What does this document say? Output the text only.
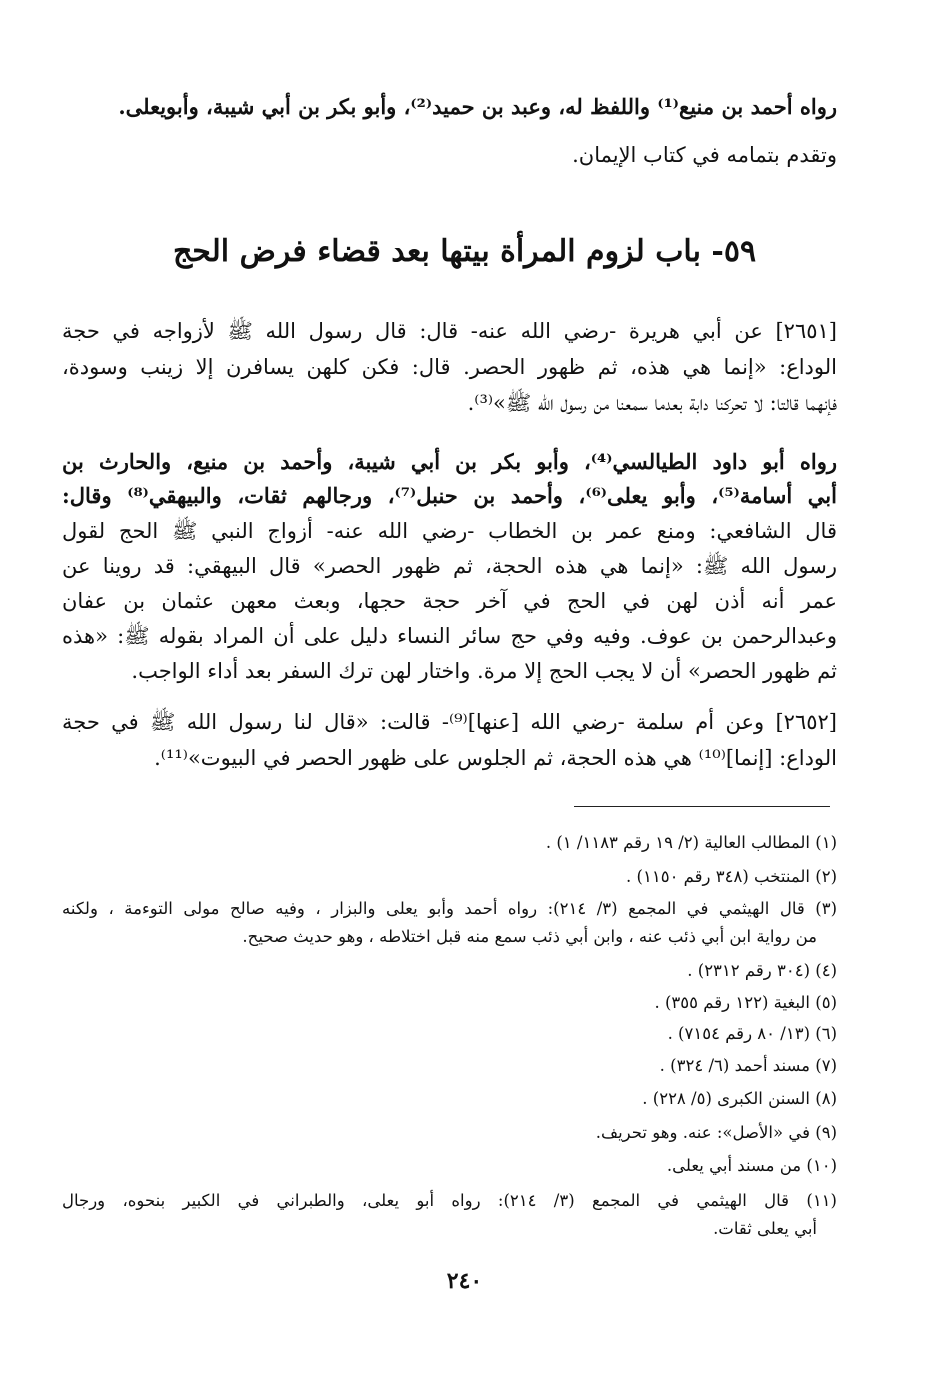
رواه أحمد بن منيع⁽¹⁾ واللفظ له، وعبد بن حميد⁽²⁾، وأبو بكر بن أبي شيبة، وأبويعلى.
وتقدم بتمامه في كتاب الإيمان.
٥٩- باب لزوم المرأة بيتها بعد قضاء فرض الحج
[٢٦٥١] عن أبي هريرة -رضي الله عنه- قال: قال رسول الله ﷺ لأزواجه في حجة
الوداع: «إنما هي هذه، ثم ظهور الحصر. قال: فكن كلهن يسافرن إلا زينب وسودة،
فإنهما قالتا: لا تحركنا دابة بعدما سمعنا من رسول الله ﷺ»⁽³⁾.
رواه أبو داود الطيالسي⁽⁴⁾، وأبو بكر بن أبي شيبة، وأحمد بن منيع، والحارث بن
أبي أسامة⁽⁵⁾، وأبو يعلى⁽⁶⁾، وأحمد بن حنبل⁽⁷⁾، ورجالهم ثقات، والبيهقي⁽⁸⁾ وقال:
قال الشافعي: ومنع عمر بن الخطاب -رضي الله عنه- أزواج النبي ﷺ الحج لقول
رسول الله ﷺ: «إنما هي هذه الحجة، ثم ظهور الحصر» قال البيهقي: قد روينا عن
عمر أنه أذن لهن في الحج في آخر حجة حجها، وبعث معهن عثمان بن عفان
وعبدالرحمن بن عوف. وفيه وفي حج سائر النساء دليل على أن المراد بقوله ﷺ: «هذه
ثم ظهور الحصر» أن لا يجب الحج إلا مرة. واختار لهن ترك السفر بعد أداء الواجب.
[٢٦٥٢] وعن أم سلمة -رضي الله [عنها]⁽⁹⁾- قالت: «قال لنا رسول الله ﷺ في حجة
الوداع: [إنما]⁽¹⁰⁾ هي هذه الحجة، ثم الجلوس على ظهور الحصر في البيوت»⁽¹¹⁾.
(١) المطالب العالية (٢/ ١٩ رقم ١١٨٣/ ١) .
(٢) المنتخب (٣٤٨ رقم ١١٥٠) .
(٣) قال الهيثمي في المجمع (٣/ ٢١٤): رواه أحمد وأبو يعلى والبزار ، وفيه صالح مولى التوءمة ، ولكنه
من رواية ابن أبي ذئب عنه ، وابن أبي ذئب سمع منه قبل اختلاطه ، وهو حديث صحيح.
(٤) (٣٠٤ رقم ٢٣١٢) .
(٥) البغية (١٢٢ رقم ٣٥٥) .
(٦) (١٣/ ٨٠ رقم ٧١٥٤) .
(٧) مسند أحمد (٦/ ٣٢٤) .
(٨) السنن الكبرى (٥/ ٢٢٨) .
(٩) في «الأصل»: عنه. وهو تحريف.
(١٠) من مسند أبي يعلى.
(١١) قال الهيثمي في المجمع (٣/ ٢١٤): رواه أبو يعلى، والطبراني في الكبير بنحوه، ورجال
أبي يعلى ثقات.
٢٤٠
